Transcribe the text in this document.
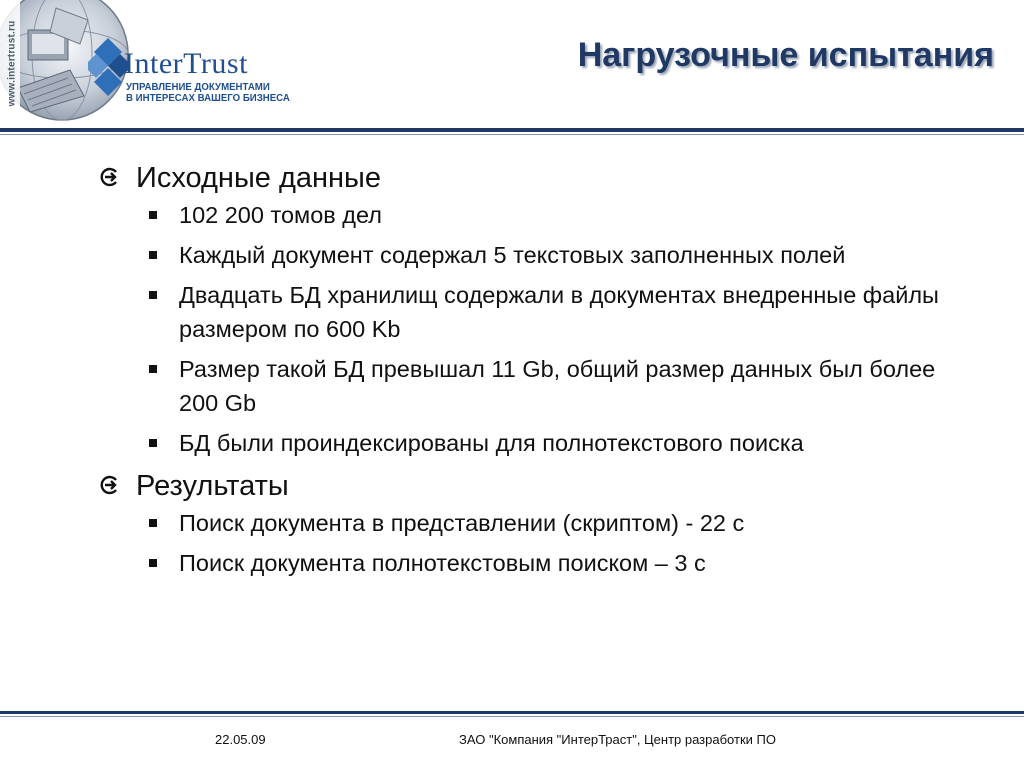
www.intertrust.ru	InterTrust
УПРАВЛЕНИЕ ДОКУМЕНТАМИ
В ИНТЕРЕСАХ ВАШЕГО БИЗНЕСА
Нагрузочные испытания
Исходные данные
102 200 томов дел
Каждый документ содержал 5 текстовых заполненных полей
Двадцать БД хранилищ содержали в документах внедренные файлы размером по 600 Kb
Размер такой БД превышал 11 Gb, общий размер данных был более 200 Gb
БД были проиндексированы для полнотекстового поиска
Результаты
Поиск документа в представлении (скриптом) - 22 с
Поиск документа полнотекстовым поиском – 3 с
22.05.09	ЗАО "Компания "ИнтерТраст", Центр разработки ПО
